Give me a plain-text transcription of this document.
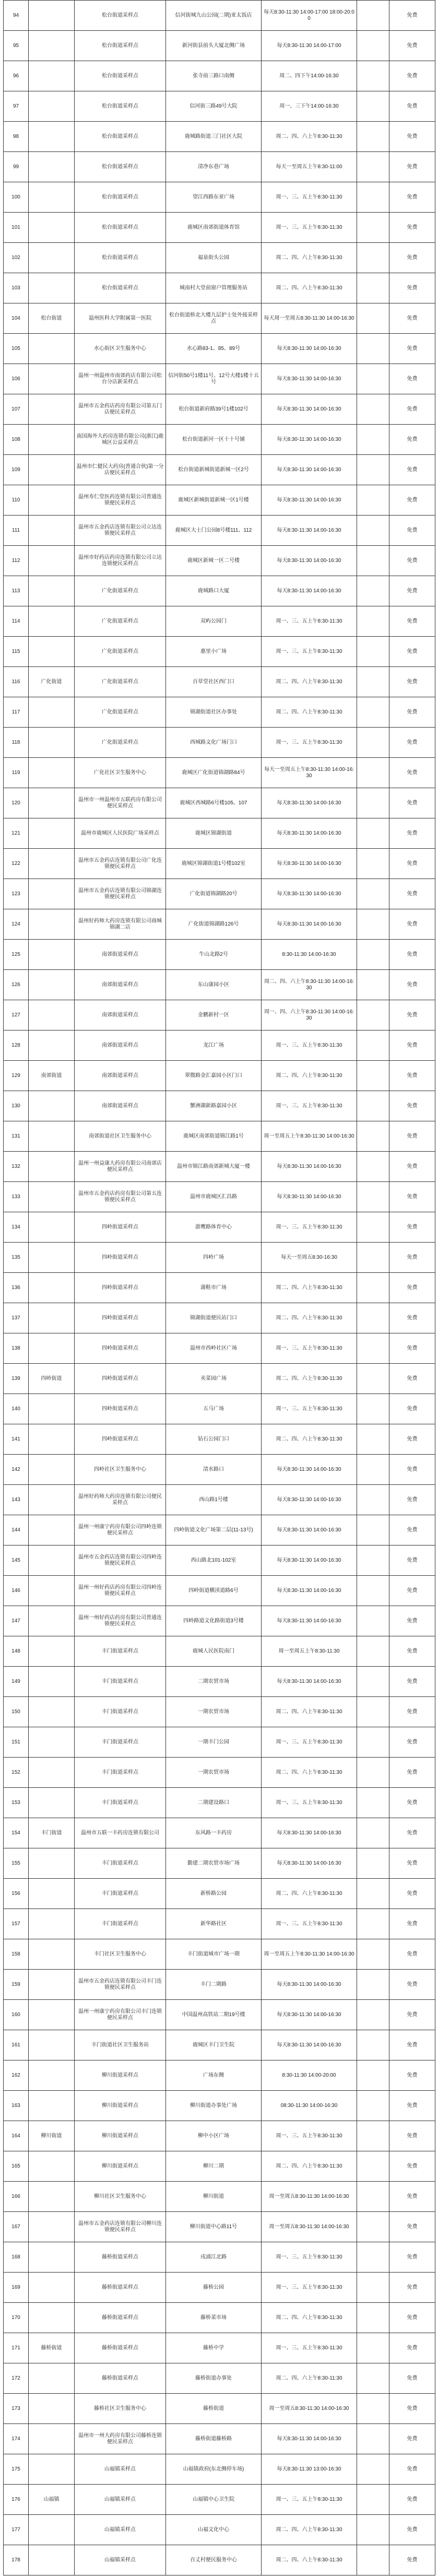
94		松台街道采样点	信河街城九山公园(二期)亚太饭店	每天8:30-11:30 14:00-17:00 18:00-20:00		免费
95		松台街道采样点	新河街县前头大厦北侧广场	每天8:30-11:30 14:00-17:00		免费
96		松台街道采样点	张寺前三路口南侧	周二、四下午14:00-16:30		免费
97		松台街道采样点	信河街三路49号大院	周一、三下午14:00-16:30		免费
98		松台街道采样点	鹿城路街道三门社区大院	周二、四、六上午8:30-11:30		免费
99		松台街道采样点	清净东巷广场	每天一至周五上午8:30-11:00		免费
100		松台街道采样点	望江西路东亚广场	周一、三、五上午8:30-11:30		免费
101		松台街道采样点	鹿城区南郊街道体育馆	周一、三、五上午8:30-11:30		免费
102		松台街道采样点	福泉街头公园	周二、四、六上午8:30-11:30		免费
103		松台街道采样点	城南村大堂前窗户管理服务站	周二、四、六上午8:30-11:30		免费
104	松台街道	温州医科大学附属第一医院	松台街道桥北大楼九层护士处外接采样点	每天周一至周五8:30-11:30 14:00-16:30		免费
105		水心街区卫生服务中心	水心路83-1、85、89号	每天8:30-11:30 14:00-16:30		免费
106		温州一州温州市南郊药店有限公司松台分店新采样点	信河街50号1楼11号、12号大楼1楼十五号	每天8:30-11:30 14:00-16:30		免费
107		温州市五金药店药房有限公司第五门店便民采样点	松台街道新府路39号1楼102号	每天8:30-11:30 14:00-16:30		免费
108		南国海外大药房连锁有限公司(浙江)鹿城区公益采样点	松台街道新河一区十十号铺	每天8:30-11:30 14:00-16:30		免费
109		温州市仁健民大药房(普通合伙)第一分店便民采样点	松台街道新城街道新城一区2号	每天8:30-11:30 14:00-16:30		免费
110		温州寿仁堂医药连锁有限公司普通连锁便民采样点	鹿城区新城街道新城一区1号楼	每天8:30-11:30 14:00-16:30		免费
111		温州市五金药店连锁有限公司立达连锁便民采样点	鹿城区大士门公园8号楼111、112	每天8:30-11:30 14:00-16:30		免费
112		温州市好药店药房连锁有限公司立达连锁便民采样点	鹿城区新城一区二号楼	每天8:30-11:30 14:00-16:30		免费
113		广化街道采样点	鹿城路口大厦	每天8:30-11:30 14:00-16:30		免费
114		广化街道采样点	双屿公园门	周一、三、五上午8:30-11:30		免费
115		广化街道采样点	惠里小广场	周一、三、五上午8:30-11:30		免费
116	广化街道	广化街道采样点	百草堂社区西门口	周二、四、六上午8:30-11:30		免费
117		广化街道采样点	锦湖街道社区办事处	周二、四、六上午8:30-11:30		免费
118		广化街道采样点	西城路文化广场门口	周一、三、五上午8:30-11:30		免费
119		广化社区卫生服务中心	鹿城区广化街道锦湖路84号	每天一至周五上午8:30-11:30 14:00-16:30		免费
120		温州市一州温州市五联药房有限公司便民采样点	鹿城区西城路6号楼105、107	每天8:30-11:30 14:00-16:30		免费
121		温州市鹿城区人民医院广场采样点	鹿城区锦湖街道	每天8:30-11:30 14:00-16:30		免费
122		温州市五金药店连锁有限公司广化连锁便民采样点	鹿城区锦湖街道1号楼102室	每天8:30-11:30 14:00-16:30		免费
123		温州市五金药店连锁有限公司锦湖连锁便民采样点	广化街道锦湖路20号	每天8:30-11:30 14:00-16:30		免费
124		温州好药师大药房连锁有限公司商城锦湖二店	广化街道锦湖路126号	每天8:30-11:30 14:00-16:30		免费
125		南郊街道采样点	牛山北路2号	8:30-11:30 14:00-16:30		免费
126		南郊街道采样点	东山康园小区	周二、四、六上午8:30-11:30 14:00-16:30		免费
127		南郊街道采样点	金鹏新村一区	周一、四、六上午8:30-11:30 14:00-16:30		免费
128		南郊街道采样点	龙江广场	周一、三、五上午8:30-11:30		免费
129	南郊街道	南郊街道采样点	翠微路金汇嘉园小区门口	周二、四、六上午8:30-11:30		免费
130		南郊街道采样点	蟹洲湖新路嘉园小区	周一、三、五上午8:30-11:30		免费
131		南郊街道社区卫生服务中心	鹿城区南郊街道锦江路1号	周一至周五上午8:30-11:30 14:00-16:30		免费
132		温州一州益康大药房有限公司南郊店便民采样点	温州市锦江路南郊新城大厦一楼	每天8:30-11:30 14:00-16:30		免费
133		温州市五金药店药房有限公司第五连锁便民采样点	温州市鹿城区汇昌路	每天8:30-11:30 14:00-16:30		免费
134		四岭街道采样点	游鹰路体育中心	周一、三、五上午8:30-11:30		免费
135		四岭街道采样点	四岭广场	每天一至周五8:30-16:30		免费
136		四岭街道采样点	蒲鞋市广场	周二、四、六上午8:30-11:30		免费
137		四岭街道采样点	锦湖街道便民站门口	周二、四、六上午8:30-11:30		免费
138		四岭街道采样点	温州市西岭社区广场	周一、三、五上午8:30-11:30		免费
139	四岭街道	四岭街道采样点	卖菜园广场	周二、四、六上午8:30-11:30		免费
140		四岭街道采样点	五马广场	周一、三、五上午8:30-11:30		免费
141		四岭街道采样点	钻石公园门口	周二、四、六上午8:30-11:30		免费
142		四岭社区卫生服务中心	清水路口	每天8:30-11:30 14:00-16:30		免费
143		温州好药师大药房连锁有限公司便民采样点	西山路1号楼	每天8:30-11:30 14:00-16:30		免费
144		温州一州康宁药房有限公司四岭连锁便民采样点	四岭街道文化广场第二层(11-13号)	每天8:30-11:30 14:00-16:30		免费
145		温州市五金药店连锁有限公司四岭连锁便民采样点	西山路北101-102室	每天8:30-11:30 14:00-16:30		免费
146		温州一州好药店药房有限公司四岭连锁便民采样点	四岭街道横渎道路6号	每天8:30-11:30 14:00-16:30		免费
147		温州一州好药店药房有限公司普通连锁便民采样点	四岭路道文化路街道3号楼	每天8:30-11:30 14:00-16:30		免费
148		丰门街道采样点	鹿城人民医院南门	周一至周五上午8:30-11:30		免费
149		丰门街道采样点	二期农贸市场	每天8:30-11:30 14:00-16:30		免费
150		丰门街道采样点	一期农贸市场	周二、四、六上午8:30-11:30		免费
151		丰门街道采样点	一期丰门公园	周一、三、五上午8:30-11:30		免费
152		丰门街道采样点	一期农贸市场	周二、四、六上午8:30-11:30		免费
153		丰门街道采样点	二期建设路口	周一、三、五上午8:30-11:30		免费
154	丰门街道	温州市五联一丰药房连锁有限公司	东风路一丰药房	每天8:30-11:30 14:00-16:30		免费
155		丰门街道采样点	勤建二期农贸市场广场	每天8:30-11:30 14:00-16:30		免费
156		丰门街道采样点	新桥路公园	周二、四、六上午8:30-11:30		免费
157		丰门街道采样点	新华路社区	周一、三、五上午8:30-11:30		免费
158		丰门社区卫生服务中心	丰门街道城市广场一期	周一至周五上午8:30-11:30 14:00-16:30		免费
159		温州市五金药店连锁有限公司丰门连锁便民采样点	丰门二期路	每天8:30-11:30 14:00-16:30		免费
160		温州一州康宁药房有限公司丰门连锁便民采样点	中国温州高铁站二期19号楼	每天8:30-11:30 14:00-16:30		免费
161		丰门街道社区卫生服务站	鹿城区丰门卫生院	每天8:30-11:30 14:00-16:30		免费
162		柳川街道采样点	广场东侧	8:30-11:30 14:00-20:00		免费
163		柳川街道采样点	柳川街道办事处广场	08:30-11:30 14:00-16:30		免费
164	柳川街道	柳川街道采样点	柳中小区广场	周一、三、五上午8:30-11:30		免费
165		柳川街道采样点	柳川二期	周二、四、六上午8:30-11:30		免费
166		柳川社区卫生服务中心	柳川街道	周一至周五8:30-11:30 14:00-16:30		免费
167		温州市五金药店连锁有限公司柳川连锁便民采样点	柳川街道中心路11号	周一至周五8:30-11:30 14:00-16:30		免费
168		藤桥街道采样点	戍浦江北路	周一、三、五上午8:30-11:30		免费
169		藤桥街道采样点	藤桥公园	周一、三、五上午8:30-11:30		免费
170		藤桥街道采样点	藤桥菜市场	周二、四、六上午8:30-11:30		免费
171	藤桥街道	藤桥街道采样点	藤桥中学	周一、三、五上午8:30-11:30		免费
172		藤桥街道采样点	藤桥街道办事处	周二、四、六上午8:30-11:30		免费
173		藤桥社区卫生服务中心	藤桥街道	周一至周五8:30-11:30 14:00-16:30		免费
174		温州市一州大药房有限公司藤桥连锁便民采样点	藤桥街道藤桥路	每天8:30-11:30 14:00-16:30		免费
175		山福镇采样点	山福镇政府(东北侧停车场)	每天8:30-11:30 13:00-16:30		免费
176	山福镇	山福镇采样点	山福镇中心卫生院	周一、三、五上午8:30-11:30		免费
177		山福镇采样点	山福文化中心	周二、四、六上午8:30-11:30		免费
178		山福镇采样点	百丈村便民服务中心	周二、四、六上午8:30-11:30		免费
